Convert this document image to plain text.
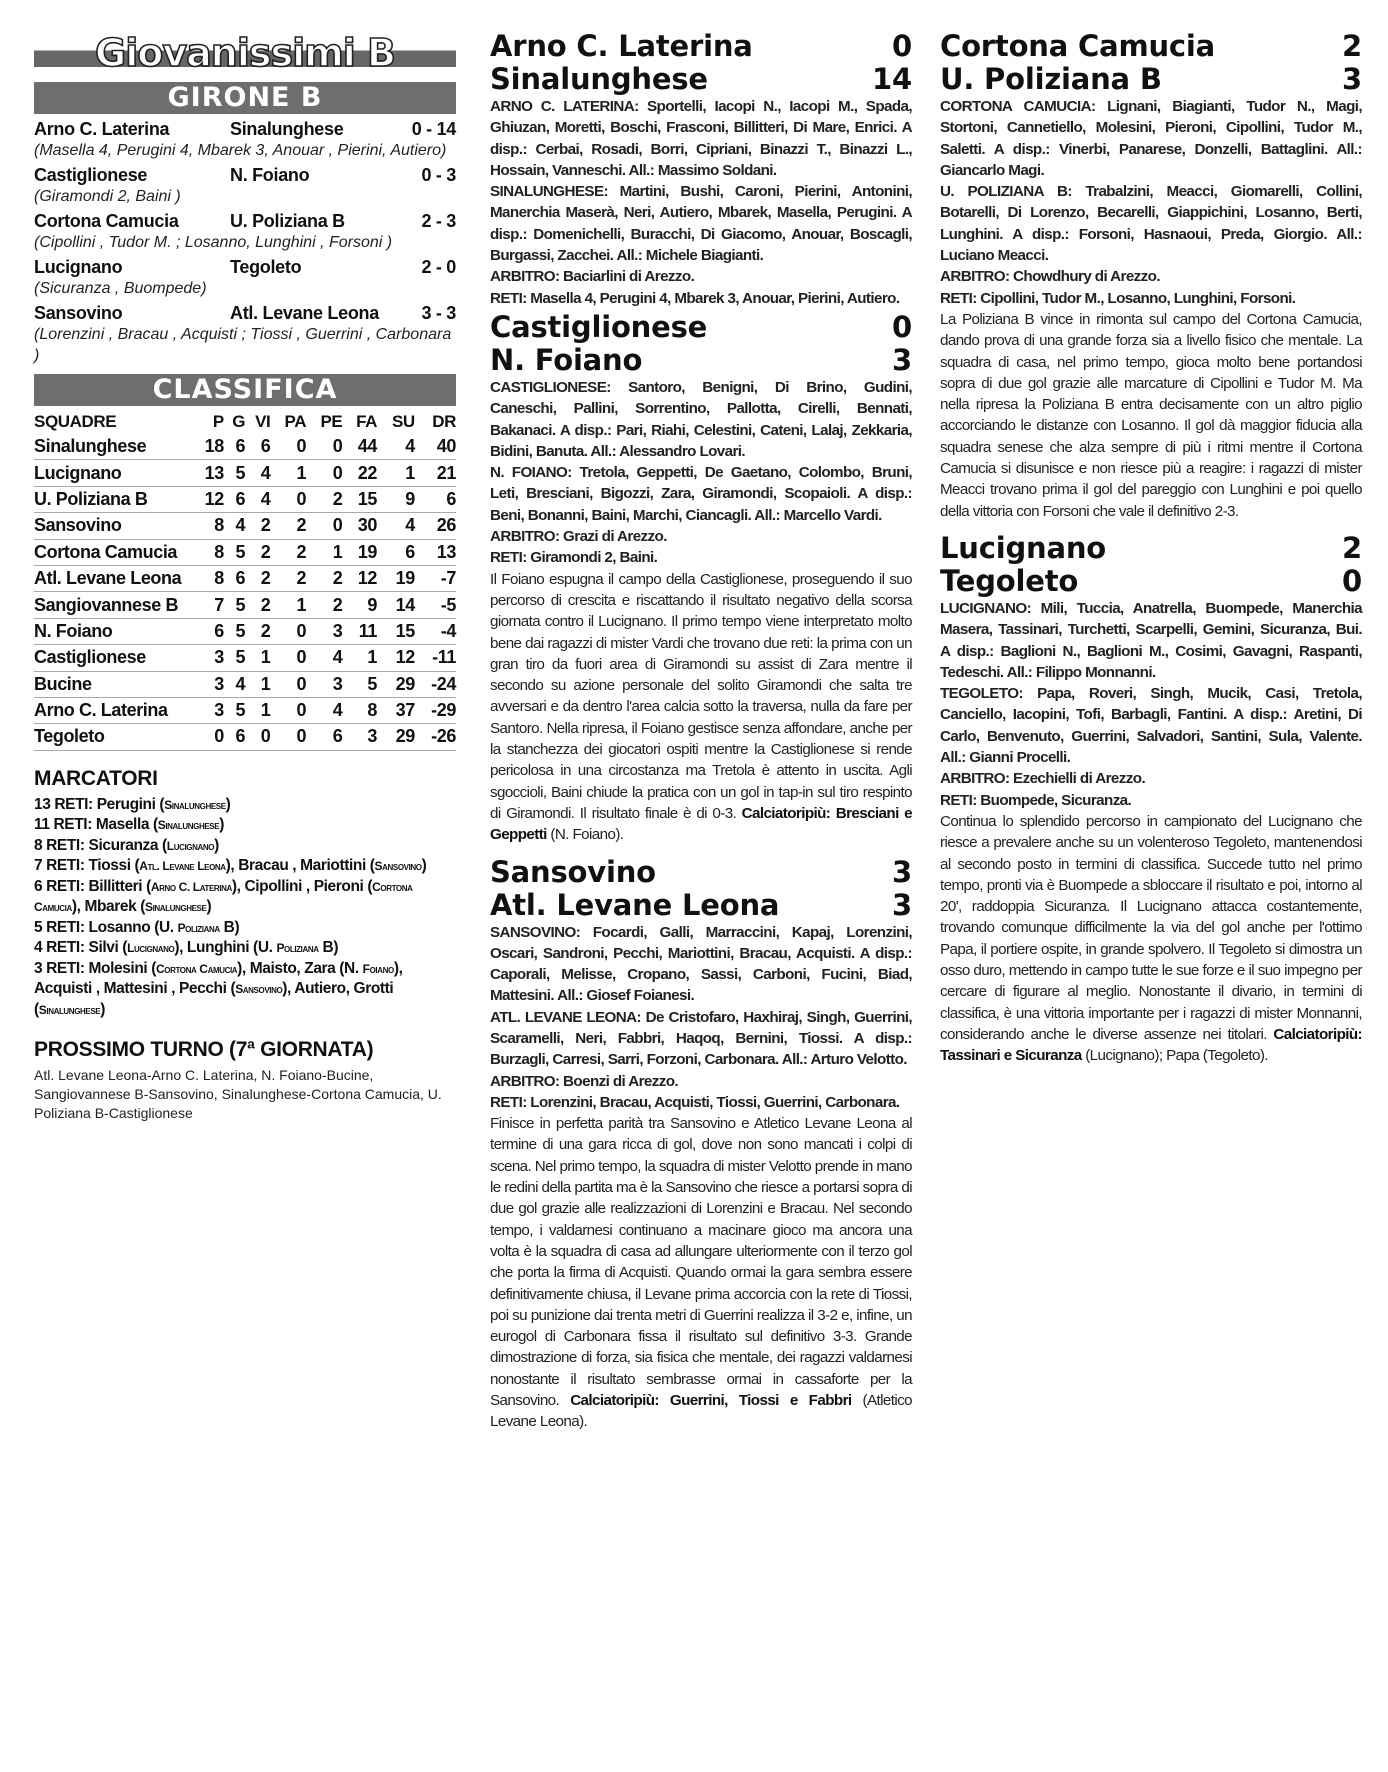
Giovanissimi B
GIRONE B
Arno C. Laterina	Sinalunghese	0 - 14
(Masella 4, Perugini 4, Mbarek 3, Anouar , Pierini, Autiero)
Castiglionese	N. Foiano	0 - 3
(Giramondi 2, Baini )
Cortona Camucia	U. Poliziana B	2 - 3
(Cipollini , Tudor M. ; Losanno, Lunghini , Forsoni )
Lucignano	Tegoleto	2 - 0
(Sicuranza , Buompede)
Sansovino	Atl. Levane Leona	3 - 3
(Lorenzini , Bracau , Acquisti ; Tiossi , Guerrini , Carbonara )
CLASSIFICA
SQUADRE	P	G	VI	PA	PE	FA	SU	DR
Sinalunghese	18	6	6	0	0	44	4	40
Lucignano	13	5	4	1	0	22	1	21
U. Poliziana B	12	6	4	0	2	15	9	6
Sansovino	8	4	2	2	0	30	4	26
Cortona Camucia	8	5	2	2	1	19	6	13
Atl. Levane Leona	8	6	2	2	2	12	19	-7
Sangiovannese B	7	5	2	1	2	9	14	-5
N. Foiano	6	5	2	0	3	11	15	-4
Castiglionese	3	5	1	0	4	1	12	-11
Bucine	3	4	1	0	3	5	29	-24
Arno C. Laterina	3	5	1	0	4	8	37	-29
Tegoleto	0	6	0	0	6	3	29	-26
MARCATORI
13 RETI: Perugini (Sinalunghese)
11 RETI: Masella (Sinalunghese)
8 RETI: Sicuranza (Lucignano)
7 RETI: Tiossi (Atl. Levane Leona), Bracau , Mariottini (Sansovino)
6 RETI: Billitteri (Arno C. Laterina), Cipollini , Pieroni (Cortona Camucia), Mbarek (Sinalunghese)
5 RETI: Losanno (U. Poliziana B)
4 RETI: Silvi (Lucignano), Lunghini (U. Poliziana B)
3 RETI: Molesini (Cortona Camucia), Maisto, Zara (N. Foiano), Acquisti , Mattesini , Pecchi (Sansovino), Autiero, Grotti (Sinalunghese)
PROSSIMO TURNO (7ª GIORNATA)
Atl. Levane Leona-Arno C. Laterina, N. Foiano-Bucine, Sangiovannese B-Sansovino, Sinalunghese-Cortona Camucia, U. Poliziana B-Castiglionese
Arno C. Laterina	0
Sinalunghese	14
ARNO C. LATERINA: Sportelli, Iacopi N., Iacopi M., Spada, Ghiuzan, Moretti, Boschi, Frasconi, Billitteri, Di Mare, Enrici. A disp.: Cerbai, Rosadi, Borri, Cipriani, Binazzi T., Binazzi L., Hossain, Vanneschi. All.: Massimo Soldani.
SINALUNGHESE: Martini, Bushi, Caroni, Pierini, Antonini, Manerchia Maserà, Neri, Autiero, Mbarek, Masella, Perugini. A disp.: Domenichelli, Buracchi, Di Giacomo, Anouar, Boscagli, Burgassi, Zacchei. All.: Michele Biagianti.
ARBITRO: Baciarlini di Arezzo.
RETI: Masella 4, Perugini 4, Mbarek 3, Anouar, Pierini, Autiero.
Castiglionese	0
N. Foiano	3
CASTIGLIONESE: Santoro, Benigni, Di Brino, Gudini, Caneschi, Pallini, Sorrentino, Pallotta, Cirelli, Bennati, Bakanaci. A disp.: Pari, Riahi, Celestini, Cateni, Lalaj, Zekkaria, Bidini, Banuta. All.: Alessandro Lovari.
N. FOIANO: Tretola, Geppetti, De Gaetano, Colombo, Bruni, Leti, Bresciani, Bigozzi, Zara, Giramondi, Scopaioli. A disp.: Beni, Bonanni, Baini, Marchi, Ciancagli. All.: Marcello Vardi.
ARBITRO: Grazi di Arezzo.
RETI: Giramondi 2, Baini.
Il Foiano espugna il campo della Castiglionese, proseguendo il suo percorso di crescita e riscattando il risultato negativo della scorsa giornata contro il Lucignano. Il primo tempo viene interpretato molto bene dai ragazzi di mister Vardi che trovano due reti: la prima con un gran tiro da fuori area di Giramondi su assist di Zara mentre il secondo su azione personale del solito Giramondi che salta tre avversari e da dentro l'area calcia sotto la traversa, nulla da fare per Santoro. Nella ripresa, il Foiano gestisce senza affondare, anche per la stanchezza dei giocatori ospiti mentre la Castiglionese si rende pericolosa in una circostanza ma Tretola è attento in uscita. Agli sgoccioli, Baini chiude la pratica con un gol in tap-in sul tiro respinto di Giramondi. Il risultato finale è di 0-3. Calciatoripiù: Bresciani e Geppetti (N. Foiano).
Sansovino	3
Atl. Levane Leona	3
SANSOVINO: Focardi, Galli, Marraccini, Kapaj, Lorenzini, Oscari, Sandroni, Pecchi, Mariottini, Bracau, Acquisti. A disp.: Caporali, Melisse, Cropano, Sassi, Carboni, Fucini, Biad, Mattesini. All.: Giosef Foianesi.
ATL. LEVANE LEONA: De Cristofaro, Haxhiraj, Singh, Guerrini, Scaramelli, Neri, Fabbri, Haqoq, Bernini, Tiossi. A disp.: Burzagli, Carresi, Sarri, Forzoni, Carbonara. All.: Arturo Velotto.
ARBITRO: Boenzi di Arezzo.
RETI: Lorenzini, Bracau, Acquisti, Tiossi, Guerrini, Carbonara.
Finisce in perfetta parità tra Sansovino e Atletico Levane Leona al termine di una gara ricca di gol, dove non sono mancati i colpi di scena. Nel primo tempo, la squadra di mister Velotto prende in mano le redini della partita ma è la Sansovino che riesce a portarsi sopra di due gol grazie alle realizzazioni di Lorenzini e Bracau. Nel secondo tempo, i valdarnesi continuano a macinare gioco ma ancora una volta è la squadra di casa ad allungare ulteriormente con il terzo gol che porta la firma di Acquisti. Quando ormai la gara sembra essere definitivamente chiusa, il Levane prima accorcia con la rete di Tiossi, poi su punizione dai trenta metri di Guerrini realizza il 3-2 e, infine, un eurogol di Carbonara fissa il risultato sul definitivo 3-3. Grande dimostrazione di forza, sia fisica che mentale, dei ragazzi valdarnesi nonostante il risultato sembrasse ormai in cassaforte per la Sansovino. Calciatoripiù: Guerrini, Tiossi e Fabbri (Atletico Levane Leona).
Cortona Camucia	2
U. Poliziana B	3
CORTONA CAMUCIA: Lignani, Biagianti, Tudor N., Magi, Stortoni, Cannetiello, Molesini, Pieroni, Cipollini, Tudor M., Saletti. A disp.: Vinerbi, Panarese, Donzelli, Battaglini. All.: Giancarlo Magi.
U. POLIZIANA B: Trabalzini, Meacci, Giomarelli, Collini, Botarelli, Di Lorenzo, Becarelli, Giappichini, Losanno, Berti, Lunghini. A disp.: Forsoni, Hasnaoui, Preda, Giorgio. All.: Luciano Meacci.
ARBITRO: Chowdhury di Arezzo.
RETI: Cipollini, Tudor M., Losanno, Lunghini, Forsoni.
La Poliziana B vince in rimonta sul campo del Cortona Camucia, dando prova di una grande forza sia a livello fisico che mentale. La squadra di casa, nel primo tempo, gioca molto bene portandosi sopra di due gol grazie alle marcature di Cipollini e Tudor M. Ma nella ripresa la Poliziana B entra decisamente con un altro piglio accorciando le distanze con Losanno. Il gol dà maggior fiducia alla squadra senese che alza sempre di più i ritmi mentre il Cortona Camucia si disunisce e non riesce più a reagire: i ragazzi di mister Meacci trovano prima il gol del pareggio con Lunghini e poi quello della vittoria con Forsoni che vale il definitivo 2-3.
Lucignano	2
Tegoleto	0
LUCIGNANO: Mili, Tuccia, Anatrella, Buompede, Manerchia Masera, Tassinari, Turchetti, Scarpelli, Gemini, Sicuranza, Bui. A disp.: Baglioni N., Baglioni M., Cosimi, Gavagni, Raspanti, Tedeschi. All.: Filippo Monnanni.
TEGOLETO: Papa, Roveri, Singh, Mucik, Casi, Tretola, Canciello, Iacopini, Tofi, Barbagli, Fantini. A disp.: Aretini, Di Carlo, Benvenuto, Guerrini, Salvadori, Santini, Sula, Valente. All.: Gianni Procelli.
ARBITRO: Ezechielli di Arezzo.
RETI: Buompede, Sicuranza.
Continua lo splendido percorso in campionato del Lucignano che riesce a prevalere anche su un volenteroso Tegoleto, mantenendosi al secondo posto in termini di classifica. Succede tutto nel primo tempo, pronti via è Buompede a sbloccare il risultato e poi, intorno al 20', raddoppia Sicuranza. Il Lucignano attacca costantemente, trovando comunque difficilmente la via del gol anche per l'ottimo Papa, il portiere ospite, in grande spolvero. Il Tegoleto si dimostra un osso duro, mettendo in campo tutte le sue forze e il suo impegno per cercare di figurare al meglio. Nonostante il divario, in termini di classifica, è una vittoria importante per i ragazzi di mister Monnanni, considerando anche le diverse assenze nei titolari. Calciatoripiù: Tassinari e Sicuranza (Lucignano); Papa (Tegoleto).
